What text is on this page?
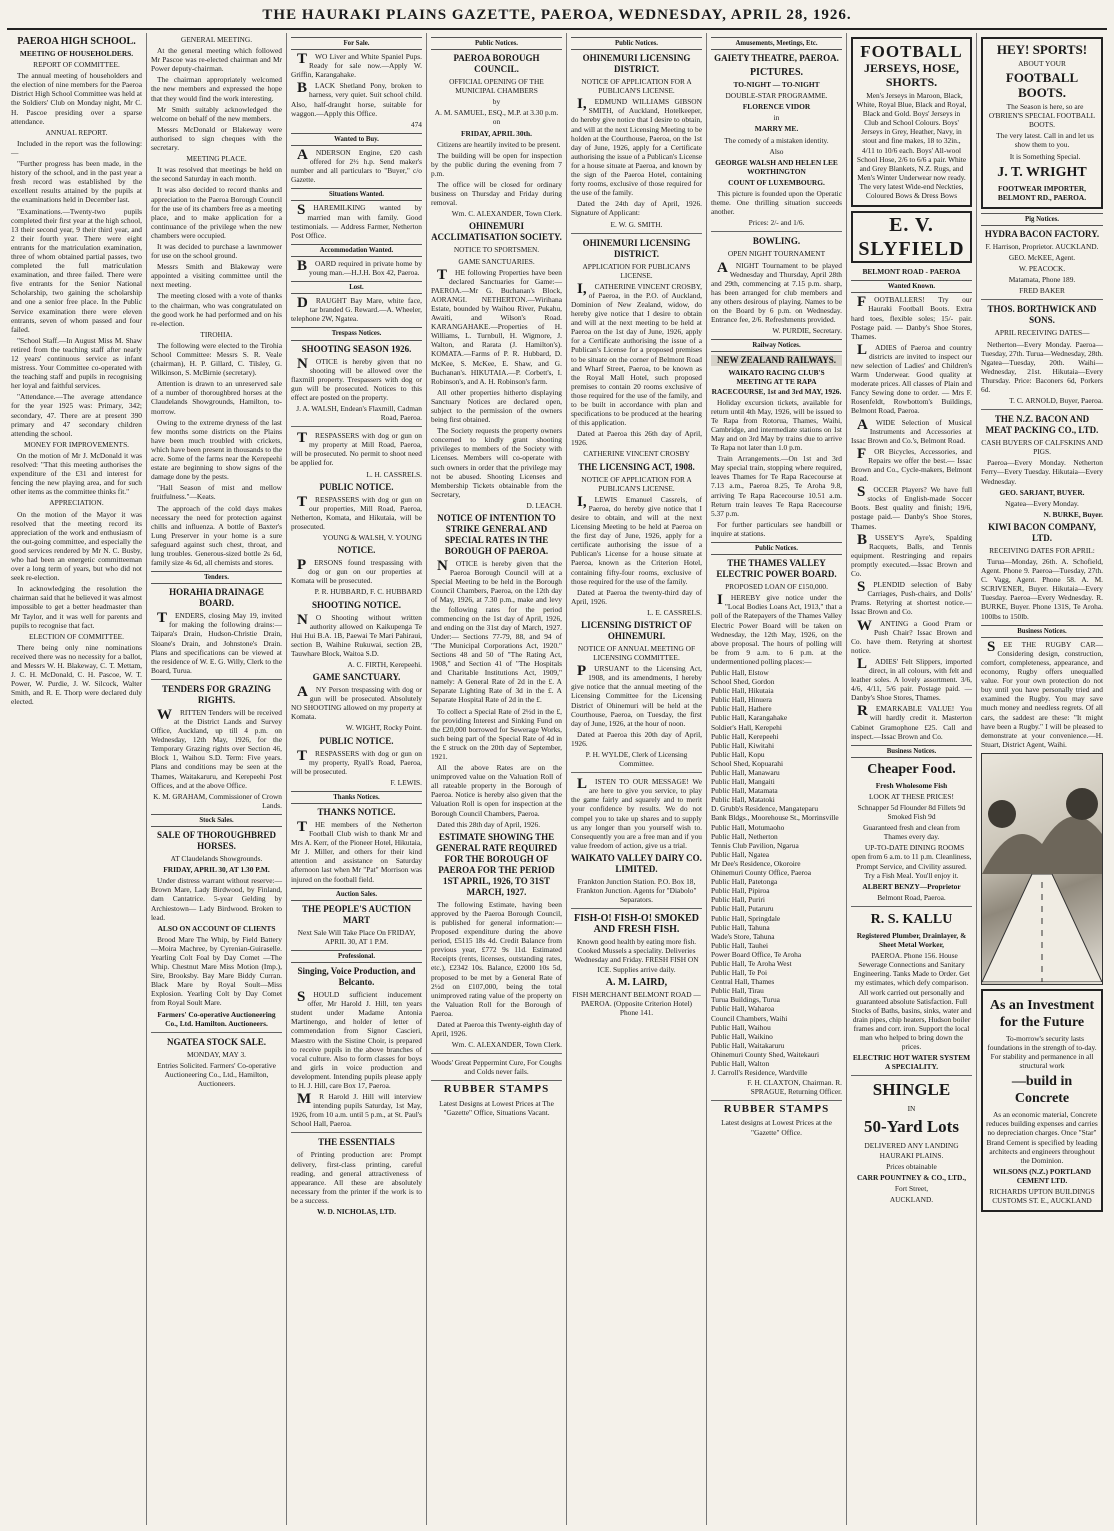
THE HAURAKI PLAINS GAZETTE, PAEROA, WEDNESDAY, APRIL 28, 1926.
PAEROA HIGH SCHOOL.
MEETING OF HOUSEHOLDERS.
REPORT OF COMMITTEE.

The annual meeting of householders and the election of nine members for the Paeroa District High School Committee was held at the Soldiers' Club on Monday night, Mr C. H. Pascoe presiding over a sparse attendance.

ANNUAL REPORT.

Included in the report was the following:—

"Further progress has been made, in the history of the school, and in the past year a fresh record was established by the excellent results attained by the pupils at the examinations held in December last.

"Examinations.—Twenty-two pupils completed their first year at the high school, 13 their second year, 9 their third year, and 2 their fourth year. There were eight entrants for the matriculation examination, three of whom obtained partial passes, two completed the full matriculation examination, and three failed. There were five entrants for the Senior National Scholarship, two gaining the scholarship and one a senior free place. In the Public Service examination there were eleven entrants, seven of whom passed and four failed.

"School Staff.—In August Miss M. Shaw retired from the teaching staff after nearly 12 years' continuous service as infant mistress. Your Committee co-operated with the teaching staff and pupils in recognising her loyal and faithful services.

"Attendance.—The average attendance for the year 1925 was: Primary, 342; secondary, 47. There are at present 390 primary and 47 secondary children attending the school.

MONEY FOR IMPROVEMENTS.

On the motion of Mr J. McDonald it was resolved: "That this meeting authorises the expenditure of the £31 and interest for fencing the new playing area, and for such other items as the committee thinks fit."

APPRECIATION.

On the motion of the Mayor it was resolved that the meeting record its appreciation of the work and enthusiasm of the out-going committee, and especially the good services rendered by Mr N. C. Busby, who had been an energetic committeeman over a long term of years, but who did not seek re-election.

In acknowledging the resolution the chairman said that he believed it was almost impossible to get a better headmaster than Mr Taylor, and it was well for parents and pupils to recognise that fact.

ELECTION OF COMMITTEE.

There being only nine nominations received there was no necessity for a ballot, and Messrs W. H. Blakeway, C. T. Mettam, J. C. H. McDonald, C. H. Pascoe, W. T. Power, W. Purdie, J. W. Silcock, Walter Smith, and R. E. Thorp were declared duly elected.

GENERAL MEETING.

At the general meeting which followed Mr Pascoe was re-elected chairman and Mr Power deputy-chairman.

The chairman appropriately welcomed the new members and expressed the hope that they would find the work interesting.

Mr Smith suitably acknowledged the welcome on behalf of the new members.

Messrs McDonald or Blakeway were authorised to sign cheques with the secretary.

MEETING PLACE.

It was resolved that meetings be held on the second Saturday in each month.

It was also decided to record thanks and appreciation to the Paeroa Borough Council for the use of its chambers free as a meeting place, and to make application for a continuance of the privilege when the new chambers were occupied.

It was decided to purchase a lawnmower for use on the school ground.

Messrs Smith and Blakeway were appointed a visiting committee until the next meeting.

The meeting closed with a vote of thanks to the chairman, who was congratulated on the good work he had performed and on his re-election.

TIROHIA.

The following were elected to the Tirohia School Committee: Messrs S. R. Veale (chairman), H. P. Gillard, C. Tilsley, G. Wilkinson, S. McBirnie (secretary).

Attention is drawn to an unreserved sale of a number of thoroughbred horses at the Claudelands Showgrounds, Hamilton, to-morrow.

Owing to the extreme dryness of the last few months some districts on the Plains have been much troubled with crickets, which have been present in thousands to the acre. Some of the farms near the Kerepeehi estate are beginning to show signs of the damage done by the pests.

"Hall Season of mist and mellow fruitfulness."—Keats.

The approach of the cold days makes necessary the need for protection against chills and influenza. A bottle of Baxter's Lung Preserver in your home is a sure safeguard against such chest, throat, and lung troubles. Generous-sized bottle 2s 6d, family size 4s 6d, all chemists and stores.

Tenders.
HORAHIA DRAINAGE BOARD.

TENDERS, closing May 19, invited for making the following drains:— Taipara's Drain, Hudson-Christie Drain, Sloane's Drain, and Johnstone's Drain. Plans and specifications can be viewed at the residence of W. E. G. Willy, Clerk to the Board, Turua.

TENDERS FOR GRAZING RIGHTS.

WRITTEN Tenders will be received at the District Lands and Survey Office, Auckland, up till 4 p.m. on Wednesday, 12th May, 1926, for the Temporary Grazing rights over Section 46, Block 1, Waihou S.D. Term: Five years. Plans and conditions may be seen at the Thames, Waitakaruru, and Kerepeehi Post Offices, and at the above Office.

K. M. GRAHAM, Commissioner of Crown Lands.
Stock Sales.
SALE OF THOROUGHBRED HORSES.
AT Claudelands Showgrounds.
FRIDAY, APRIL 30, AT 1.30 P.M.

Under distress warrant without reserve:— Brown Mare, Lady Birdwood, by Finland, dam Cantatrice. 5-year Gelding by Archiestown— Lady Birdwood. Broken to lead.

ALSO ON ACCOUNT OF CLIENTS

Brood Mare The Whip, by Field Battery—Moira Machree, by Cyrenian-Guiraselle. Yearling Colt Foal by Day Comet —The Whip. Chestnut Mare Miss Motion (Imp.), Sire, Brooksby. Bay Mare Biddy Curran. Black Mare by Royal Soult—Miss Explosion. Yearling Colt by Day Comet from Royal Soult Mare.

Farmers' Co-operative Auctioneering Co., Ltd. Hamilton. Auctioneers.
NGATEA STOCK SALE.
MONDAY, MAY 3.
Entries Solicited. Farmers' Co-operative Auctioneering Co., Ltd., Hamilton, Auctioneers.
For Sale.

TWO Liver and White Spaniel Pups. Ready for sale now.—Apply W. Griffin, Karangahake.

BLACK Shetland Pony, broken to harness, very quiet. Suit school child. Also, half-draught horse, suitable for waggon.—Apply this Office.

474
Wanted to Buy.

ANDERSON Engine, £20 cash offered for 2½ h.p. Send maker's number and all particulars to "Buyer," c/o Gazette.

Situations Wanted.

SHAREMILKING wanted by married man with family. Good testimonials. — Address Farmer, Netherton Post Office.

Accommodation Wanted.

BOARD required in private home by young man.—H.J.H. Box 42, Paeroa.

Lost.

DRAUGHT Bay Mare, white face, tar branded G. Reward.—A. Wheeler, telephone 2W, Ngatea.

Trespass Notices.
SHOOTING SEASON 1926.

NOTICE is hereby given that no shooting will be allowed over the flaxmill property. Trespassers with dog or gun will be prosecuted. Notices to this effect are posted on the property.

J. A. WALSH, Endean's Flaxmill, Cadman Road, Paeroa.

TRESPASSERS with dog or gun on my property at Mill Road, Paeroa, will be prosecuted. No permit to shoot need be applied for.

L. H. CASSRELS.
PUBLIC NOTICE.

TRESPASSERS with dog or gun on our properties, Mill Road, Paeroa, Netherton, Komata, and Hikutaia, will be prosecuted.

YOUNG & WALSH, V. YOUNG
NOTICE.

PERSONS found trespassing with dog or gun on our properties at Komata will be prosecuted.

P. R. HUBBARD, F. C. HUBBARD
SHOOTING NOTICE.

NO Shooting without written authority allowed on Kaikupenga Te Hui Hui B.A. 1B, Paewai Te Mari Pahiraui, section B, Waihine Rukuwai, section 2B, Tauwhare Block, Waitoa S.D.

A. C. FIRTH, Kerepeehi.
GAME SANCTUARY.

ANY Person trespassing with dog or gun will be prosecuted. Absolutely NO SHOOTING allowed on my property at Komata.

W. WIGHT, Rocky Point.
PUBLIC NOTICE.

TRESPASSERS with dog or gun on my property, Ryall's Road, Paeroa, will be prosecuted.

F. LEWIS.
Thanks Notices.
THANKS NOTICE.

THE members of the Netherton Football Club wish to thank Mr and Mrs A. Kerr, of the Pioneer Hotel, Hikutaia, Mr J. Miller, and others for their kind attention and assistance on Saturday afternoon last when Mr "Pat" Morrison was injured on the football field.

Auction Sales.
THE PEOPLE'S AUCTION MART
Next Sale Will Take Place On FRIDAY, APRIL 30, AT 1 P.M.
Professional.
Singing, Voice Production, and Belcanto.

SHOULD sufficient inducement offer, Mr Harold J. Hill, ten years student under Madame Antonia Martinengo, and holder of letter of commendation from Signor Cascieri, Maestro with the Sistine Choir, is prepared to receive pupils in the above branches of vocal culture. Also to form classes for boys and girls in voice production and development. Intending pupils please apply to H. J. Hill, care Box 17, Paeroa.

MR Harold J. Hill will interview intending pupils Saturday, 1st May, 1926, from 10 a.m. until 5 p.m., at St. Paul's School Hall, Paeroa.

THE ESSENTIALS

of Printing production are: Prompt delivery, first-class printing, careful reading, and general attractiveness of appearance. All these are absolutely necessary from the printer if the work is to be a success.

W. D. NICHOLAS, LTD.
Public Notices.
PAEROA BOROUGH COUNCIL.
OFFICIAL OPENING OF THE MUNICIPAL CHAMBERS
by
A. M. SAMUEL, ESQ., M.P. at 3.30 p.m. on
FRIDAY, APRIL 30th.

Citizens are heartily invited to be present.

The building will be open for inspection by the public during the evening from 7 p.m.

The office will be closed for ordinary business on Thursday and Friday during removal.

Wm. C. ALEXANDER, Town Clerk.
OHINEMURI ACCLIMATISATION SOCIETY.
NOTICE TO SPORTSMEN.
GAME SANCTUARIES.

THE following Properties have been declared Sanctuaries for Game:— PAEROA.—Mr G. Buchanan's Block, AORANGI. NETHERTON.—Wirihana Estate, bounded by Waihou River, Pukahu, Awaiti, and Wilson's Road. KARANGAHAKE.—Properties of H. Williams, L. Turnbull, H. Wigmore, J. Walton, and Rarata (J. Hamilton's). KOMATA.—Farms of P. R. Hubbard, D. McKee, S. McKee, E. Shaw, and G. Buchanan's. HIKUTAIA.—P. Corbett's, I. Robinson's, and A. H. Robinson's farm.

All other properties hitherto displaying Sanctuary Notices are declared open, subject to the permission of the owners being first obtained.

The Society requests the property owners concerned to kindly grant shooting privileges to members of the Society with Licenses. Members will co-operate with such owners in order that the privilege may not be abused. Shooting Licenses and Membership Tickets obtainable from the Secretary,

D. LEACH.
NOTICE OF INTENTION TO STRIKE GENERAL AND SPECIAL RATES IN THE BOROUGH OF PAEROA.

NOTICE is hereby given that the Paeroa Borough Council will at a Special Meeting to be held in the Borough Council Chambers, Paeroa, on the 12th day of May, 1926, at 7.30 p.m., make and levy the following rates for the period commencing on the 1st day of April, 1926, and ending on the 31st day of March, 1927. Under:— Sections 77-79, 88, and 94 of "The Municipal Corporations Act, 1920." Sections 48 and 50 of "The Rating Act, 1908," and Section 41 of "The Hospitals and Charitable Institutions Act, 1909," namely: A General Rate of 2d in the £. A Separate Lighting Rate of 3d in the £. A Separate Hospital Rate of 2d in the £.

To collect a Special Rate of 2½d in the £, for providing Interest and Sinking Fund on the £20,000 borrowed for Sewerage Works, such being part of the Special Rate of 4d in the £ struck on the 20th day of September, 1921.

All the above Rates are on the unimproved value on the Valuation Roll of all rateable property in the Borough of Paeroa. Notice is hereby also given that the Valuation Roll is open for inspection at the Borough Council Chambers, Paeroa.

Dated this 28th day of April, 1926.

ESTIMATE SHOWING THE GENERAL RATE REQUIRED FOR THE BOROUGH OF PAEROA FOR THE PERIOD 1ST APRIL, 1926, TO 31ST MARCH, 1927.

The following Estimate, having been approved by the Paeroa Borough Council, is published for general information:— Proposed expenditure during the above period, £5115 18s 4d. Credit Balance from previous year, £772 9s 11d. Estimated Receipts (rents, licenses, outstanding rates, etc.), £2342 10s. Balance, £2000 10s 5d, proposed to be met by a General Rate of 2½d on £107,000, being the total unimproved rating value of the property on the Valuation Roll for the Borough of Paeroa.

Dated at Paeroa this Twenty-eighth day of April, 1926.

Wm. C. ALEXANDER, Town Clerk.
Woods' Great Peppermint Cure, For Coughs and Colds never fails.
RUBBER STAMPS
Latest Designs at Lowest Prices at The "Gazette" Office, Situations Vacant.
Public Notices.
OHINEMURI LICENSING DISTRICT.
NOTICE OF APPLICATION FOR A PUBLICAN'S LICENSE.

I,EDMUND WILLIAMS GIBSON SMITH, of Auckland, Hotelkeeper, do hereby give notice that I desire to obtain, and will at the next Licensing Meeting to be holden at the Courthouse, Paeroa, on the 1st day of June, 1926, apply for a Certificate authorising the issue of a Publican's License for a house situate at Paeroa, and known by the sign of the Paeroa Hotel, containing forty rooms, exclusive of those required for the use of the family.

Dated the 24th day of April, 1926. Signature of Applicant:

E. W. G. SMITH.
OHINEMURI LICENSING DISTRICT.
APPLICATION FOR PUBLICAN'S LICENSE.

I,CATHERINE VINCENT CROSBY, of Paeroa, in the P.O. of Auckland, Dominion of New Zealand, widow, do hereby give notice that I desire to obtain and will at the next meeting to be held at Paeroa on the 1st day of June, 1926, apply for a Certificate authorising the issue of a Publican's License for a proposed premises to be situate on the corner of Belmont Road and Wharf Street, Paeroa, to be known as the Royal Mall Hotel, such proposed premises to contain 20 rooms exclusive of those required for the use of the family, and to be built in accordance with plan and specifications to be produced at the hearing of this application.

Dated at Paeroa this 26th day of April, 1926.

CATHERINE VINCENT CROSBY
THE LICENSING ACT, 1908.
NOTICE OF APPLICATION FOR A PUBLICAN'S LICENSE.

I,LEWIS Emanuel Cassrels, of Paeroa, do hereby give notice that I desire to obtain, and will at the next Licensing Meeting to be held at Paeroa on the first day of June, 1926, apply for a certificate authorising the issue of a Publican's License for a house situate at Paeroa, known as the Criterion Hotel, containing fifty-four rooms, exclusive of those required for the use of the family.

Dated at Paeroa the twenty-third day of April, 1926.

L. E. CASSRELS.
LICENSING DISTRICT OF OHINEMURI.
NOTICE OF ANNUAL MEETING OF LICENSING COMMITTEE.

PURSUANT to the Licensing Act, 1908, and its amendments, I hereby give notice that the annual meeting of the Licensing Committee for the Licensing District of Ohinemuri will be held at the Courthouse, Paeroa, on Tuesday, the first day of June, 1926, at the hour of noon.

Dated at Paeroa this 20th day of April, 1926.

P. H. WYLDE, Clerk of Licensing Committee.

LISTEN TO OUR MESSAGE! We are here to give you service, to play the game fairly and squarely and to merit your confidence by results. We do not compel you to take up shares and to supply us any longer than you yourself wish to. Consequently you are a free man and if you value freedom of action, give us a trial.

WAIKATO VALLEY DAIRY CO. LIMITED.
Frankton Junction Station. P.O. Box 18, Frankton Junction. Agents for "Diabolo" Separators.
FISH-O! FISH-O! SMOKED AND FRESH FISH.
Known good health by eating more fish. Cooked Mussels a speciality. Deliveries Wednesday and Friday. FRESH FISH ON ICE. Supplies arrive daily.
A. M. LAIRD,
FISH MERCHANT BELMONT ROAD — PAEROA. (Opposite Criterion Hotel) Phone 141.
Amusements, Meetings, Etc.
GAIETY THEATRE, PAEROA.
PICTURES.
TO-NIGHT — TO-NIGHT
DOUBLE-STAR PROGRAMME.
FLORENCE VIDOR
in
MARRY ME.
The comedy of a mistaken identity.
Also
GEORGE WALSH AND HELEN LEE WORTHINGTON
COUNT OF LUXEMBOURG.

This picture is founded upon the Operatic theme. One thrilling situation succeeds another.

Prices: 2/- and 1/6.
BOWLING.
OPEN NIGHT TOURNAMENT

ANIGHT Tournament to be played Wednesday and Thursday, April 28th and 29th, commencing at 7.15 p.m. sharp, has been arranged for club members and any others desirous of playing. Names to be on the Board by 6 p.m. on Wednesday. Entrance fee, 2/6. Refreshments provided.

W. PURDIE, Secretary.
Railway Notices.
NEW ZEALAND RAILWAYS.
WAIKATO RACING CLUB'S MEETING AT TE RAPA RACECOURSE, 1st and 3rd MAY, 1926.

Holiday excursion tickets, available for return until 4th May, 1926, will be issued to Te Rapa from Rotorua, Thames, Waihi, Cambridge, and intermediate stations on 1st May and on 3rd May by trains due to arrive Te Rapa not later than 1.0 p.m.

Train Arrangements.—On 1st and 3rd May special train, stopping where required, leaves Thames for Te Rapa Racecourse at 7.13 a.m., Paeroa 8.25, Te Aroha 9.8, arriving Te Rapa Racecourse 10.51 a.m. Return train leaves Te Rapa Racecourse 5.37 p.m.

For further particulars see handbill or inquire at stations.

Public Notices.
THE THAMES VALLEY ELECTRIC POWER BOARD.
PROPOSED LOAN OF £150,000.

IHEREBY give notice under the "Local Bodies Loans Act, 1913," that a poll of the Ratepayers of the Thames Valley Electric Power Board will be taken on Wednesday, the 12th May, 1926, on the above proposal. The hours of polling will be from 9 a.m. to 6 p.m. at the undermentioned polling places:—

Public Hall, Elstow
School Shed, Gordon
Public Hall, Hikutaia
Public Hall, Hinuera
Public Hall, Hathere
Public Hall, Karangahake
Soldier's Hall, Kerepehi
Public Hall, Kerepeehi
Public Hall, Kiwitahi
Public Hall, Kopu
School Shed, Kopuarahi
Public Hall, Manawaru
Public Hall, Mangaiti
Public Hall, Matamata
Public Hall, Matatoki
D. Grubb's Residence, Mangateparu
Bank Bldgs., Moorehouse St., Morrinsville
Public Hall, Motumaoho
Public Hall, Netherton
Tennis Club Pavilion, Ngarua
Public Hall, Ngatea
Mr Dee's Residence, Okoroire
Ohinemuri County Office, Paeroa
Public Hall, Patetonga
Public Hall, Pipiroa
Public Hall, Puriri
Public Hall, Putaruru
Public Hall, Springdale
Public Hall, Tahuna
Wade's Store, Tahuna
Public Hall, Tauhei
Power Board Office, Te Aroha
Public Hall, Te Aroha West
Public Hall, Te Poi
Central Hall, Thames
Public Hall, Tirau
Turua Buildings, Turua
Public Hall, Waharoa
Council Chambers, Waihi
Public Hall, Waihou
Public Hall, Waikino
Public Hall, Waitakaruru
Ohinemuri County Shed, Waitekauri
Public Hall, Walton
J. Carroll's Residence, Wardville
F. H. CLAXTON, Chairman. R. SPRAGUE, Returning Officer.
RUBBER STAMPS
Latest designs at Lowest Prices at the "Gazette" Office.
FOOTBALL
JERSEYS, HOSE, SHORTS.

Men's Jerseys in Maroon, Black, White, Royal Blue, Black and Royal, Black and Gold. Boys' Jerseys in Club and School Colours. Boys' Jerseys in Grey, Heather, Navy, in stout and fine makes, 18 to 32in., 4/11 to 10/6 each. Boys' All-wool School Hose, 2/6 to 6/6 a pair. White and Grey Blankets, N.Z. Rugs, and Men's Winter Underwear now ready. The very latest Wide-end Neckties, Coloured Bows & Dress Bows

E. V. SLYFIELD
BELMONT ROAD - PAEROA
Wanted Known.

FOOTBALLERS! Try our Hauraki Football Boots. Extra hard toes, flexible soles; 15/- pair. Postage paid. — Danby's Shoe Stores, Thames.

LADIES of Paeroa and country districts are invited to inspect our new selection of Ladies' and Children's Warm Underwear. Good quality at moderate prices. All classes of Plain and Fancy Sewing done to order. — Mrs F. Rosenfeldt, Rowbottom's Buildings, Belmont Road, Paeroa.

AWIDE Selection of Musical Instruments and Accessories at Issac Brown and Co.'s, Belmont Road.

FOR Bicycles, Accessories, and Repairs we offer the best.— Issac Brown and Co., Cycle-makers, Belmont Road.

SOCCER Players? We have full stocks of English-made Soccer Boots. Best quality and finish; 19/6, postage paid.— Danby's Shoe Stores, Thames.

BUSSEY'S Ayre's, Spalding Racquets, Balls, and Tennis equipment. Restringing and repairs promptly executed.—Issac Brown and Co.

SPLENDID selection of Baby Carriages, Push-chairs, and Dolls' Prams. Retyring at shortest notice.—Issac Brown and Co.

WANTING a Good Pram or Push Chair? Issac Brown and Co. have them. Retyring at shortest notice.

LADIES' Felt Slippers, imported direct, in all colours, with felt and leather soles. A lovely assortment. 3/6, 4/6, 4/11, 5/6 pair. Postage paid. — Danby's Shoe Stores, Thames.

REMARKABLE VALUE! You will hardly credit it. Masterton Cabinet Gramophone £25. Call and inspect.—Issac Brown and Co.

Business Notices.
Cheaper Food.
Fresh Wholesome Fish
LOOK AT THESE PRICES!
Schnapper 5d Flounder 8d Fillets 9d Smoked Fish 9d
Guaranteed fresh and clean from Thames every day.

UP-TO-DATE DINING ROOMS open from 6 a.m. to 11 p.m. Cleanliness, Prompt Service, and Civility assured. Try a Fish Meal. You'll enjoy it.

ALBERT BENZY—Proprietor
Belmont Road, Paeroa.
R. S. KALLU
Registered Plumber, Drainlayer, & Sheet Metal Worker,

PAEROA. Phone 156. House Sewerage Connections and Sanitary Engineering. Tanks Made to Order. Get my estimates, which defy comparison. All work carried out personally and guaranteed absolute Satisfaction. Full Stocks of Baths, basins, sinks, water and drain pipes, chip heaters, Hudson boiler frames and corr. iron. Support the local man who helped to bring down the prices.

ELECTRIC HOT WATER SYSTEM A SPECIALITY.
SHINGLE
IN
50-Yard Lots
DELIVERED ANY LANDING HAURAKI PLAINS.
Prices obtainable
CARR POUNTNEY & CO., LTD.,
Fort Street,
AUCKLAND.
HEY! SPORTS!
ABOUT YOUR
FOOTBALL BOOTS.

The Season is here, so are O'BRIEN'S SPECIAL FOOTBALL BOOTS.

The very latest. Call in and let us show them to you.

It is Something Special.

J. T. WRIGHT
FOOTWEAR IMPORTER, BELMONT RD., PAEROA.
Pig Notices.
HYDRA BACON FACTORY.
F. Harrison, Proprietor. AUCKLAND.
GEO. McKEE, Agent.
W. PEACOCK.
Matamata, Phone 189.
FRED BAKER
THOS. BORTHWICK AND SONS.
APRIL RECEIVING DATES—

Netherton—Every Monday. Paeroa—Tuesday, 27th. Turua—Wednesday, 28th. Ngatea—Tuesday, 20th. Waihi—Wednesday, 21st. Hikutaia—Every Thursday. Price: Baconers 6d, Porkers 6d.

T. C. ARNOLD, Buyer, Paeroa.
THE N.Z. BACON AND MEAT PACKING CO., LTD.
CASH BUYERS OF CALFSKINS AND PIGS.

Paeroa—Every Monday. Netherton Ferry—Every Tuesday. Hikutaia—Every Wednesday.

GEO. SARJANT, BUYER.
Ngatea—Every Monday.
N. BURKE, Buyer.
KIWI BACON COMPANY, LTD.
RECEIVING DATES FOR APRIL:

Turua—Monday, 26th. A. Schofield, Agent. Phone 9. Paeroa—Tuesday, 27th. C. Vagg, Agent. Phone 58. A. M. SCRIVENER, Buyer. Hikutaia—Every Tuesday. Paeroa—Every Wednesday. R. BURKE, Buyer. Phone 131S, Te Aroha. 100lbs to 150lb.

Business Notices.

SEE THE RUGBY CAR—Considering design, construction, comfort, completeness, appearance, and economy, Rugby offers unequalled value. For your own protection do not buy until you have personally tried and examined the Rugby. You may save much money and needless regrets. Of all cars, the saddest are these: "It might have been a Rugby." I will be pleased to demonstrate at your convenience.—H. Stuart, District Agent, Waihi.

As an Investment for the Future

To-morrow's security lasts foundations in the strength of to-day. For stability and permanence in all structural work

—build in Concrete

As an economic material, Concrete reduces building expenses and carries no depreciation charges. Once "Star" Brand Cement is specified by leading architects and engineers throughout the Dominion.

WILSONS (N.Z.) PORTLAND CEMENT LTD.
RICHARDS UPTON BUILDINGS CUSTOMS ST. E., AUCKLAND
